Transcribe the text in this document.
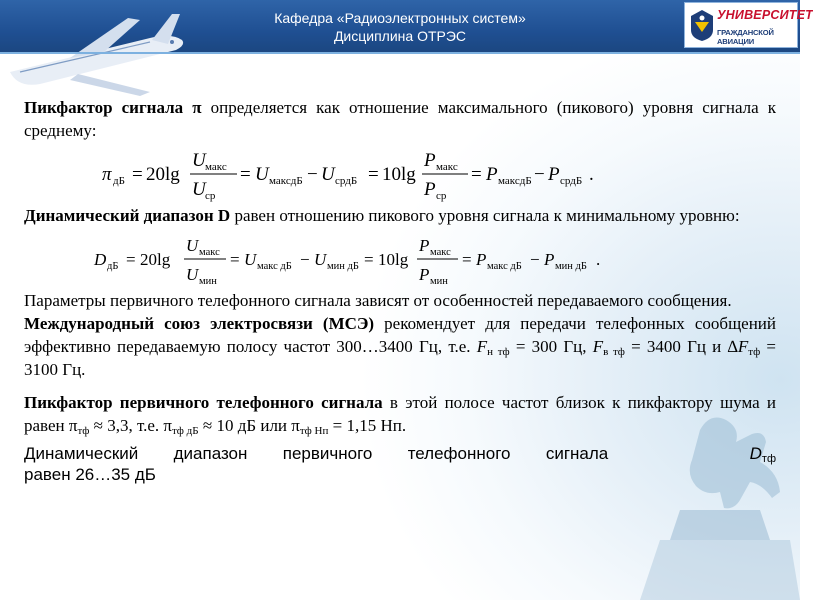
Кафедра «Радиоэлектронных систем»
Дисциплина ОТРЭС
УНИВЕРСИТЕТ
ГРАЖДАНСКОЙ АВИАЦИИ

Пикфактор сигнала π определяется как отношение максимального (пикового) уровня сигнала к среднему:

π дБ = 20lg
U макс
U ср
= U максдБ − U срдБ = 10lg
P макс
P ср
= P максдБ − P срдБ .

Динамический диапазон D равен отношению пикового уровня сигнала к минимальному уровню:

D дБ = 20lg
U макс
U мин
= U макс дБ − U мин дБ = 10lg
P макс
P мин
= P макс дБ − P мин дБ .

Параметры первичного телефонного сигнала зависят от особенностей передаваемого сообщения.

Международный союз электросвязи (МСЭ) рекомендует для передачи телефонных сообщений эффективно передаваемую полосу частот 300…3400 Гц, т.е. $F_{н тф} = 300$ Гц, $F_{в тф} = 3400$ Гц и $\Delta F_{тф} = 3100$ Гц.

Пикфактор первичного телефонного сигнала в этой полосе частот близок к пикфактору шума и равен $\pi_{тф} \approx 3,3$, т.е. $\pi_{тф дБ} \approx 10$ дБ или $\pi_{тф Нп} = 1,15$ Нп.

Динамический диапазон первичного телефонного сигнала	$D_{тф}$
равен 26…35 дБ
